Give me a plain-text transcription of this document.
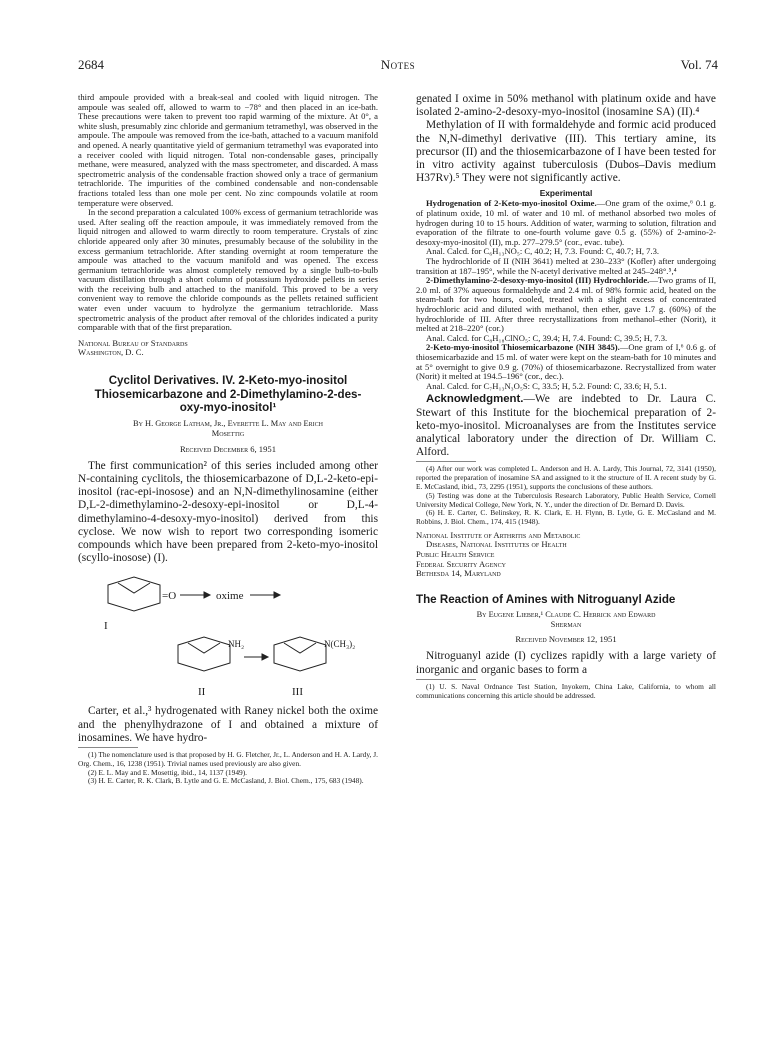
2684	Notes	Vol. 74

third ampoule provided with a break-seal and cooled with liquid nitrogen. The ampoule was sealed off, allowed to warm to −78° and then placed in an ice-bath. These precautions were taken to prevent too rapid warming of the mixture. At 0°, a white slush, presumably zinc chloride and germanium tetramethyl, was observed in the ampoule. The ampoule was removed from the ice-bath, attached to a vacuum manifold and opened. A nearly quantitative yield of germanium tetramethyl was evaporated into a receiver cooled with liquid nitrogen. Total non-condensable gases, principally methane, were measured, analyzed with the mass spectrometer, and discarded. A mass spectrometric analysis of the condensable fraction showed only a trace of germanium tetrachloride. The impurities of the combined condensable and non-condensable fractions totaled less than one mole per cent. No zinc compounds volatile at room temperature were observed.

In the second preparation a calculated 100% excess of germanium tetrachloride was used. After sealing off the reaction ampoule, it was immediately removed from the liquid nitrogen and allowed to warm directly to room temperature. Crystals of zinc chloride appeared only after 30 minutes, presumably because of the solubility in the excess germanium tetrachloride. After standing overnight at room temperature the ampoule was attached to the vacuum manifold and was opened. The excess germanium tetrachloride was almost completely removed by a single bulb-to-bulb vacuum distillation through a short column of potassium hydroxide pellets in series with the receiving bulb and attached to the manifold. This proved to be a very convenient way to remove the chloride compounds as the pellets retained sufficient water even under vacuum to hydrolyze the germanium tetrachloride. Mass spectrometric analysis of the product after removal of the chlorides indicated a purity comparable with that of the first preparation.

National Bureau of Standards

Washington, D. C.

Cyclitol Derivatives. IV. 2-Keto-myo-inositol

Thiosemicarbazone and 2-Dimethylamino-2-des-

oxy-myo-inositol¹

By H. George Latham, Jr., Everette L. May and Erich

Mosettig

Received December 6, 1951

The first communication² of this series included among other N-containing cyclitols, the thiosemicarbazone of D,L-2-keto-epi-inositol (rac-epi-inosose) and an N,N-dimethylinosamine (either D,L-2-dimethylamino-2-desoxy-epi-inositol or D,L-4-dimethylamino-4-desoxy-myo-inositol) derived from this cyclose. We now wish to report two corresponding isomeric compounds which have been prepared from 2-keto-myo-inositol (scyllo-inosose) (I).

=O	oxime
I
NH₂	N(CH₃)₂
II	III

Carter, et al.,³ hydrogenated with Raney nickel both the oxime and the phenylhydrazone of I and obtained a mixture of inosamines. We have hydro-

(1) The nomenclature used is that proposed by H. G. Fletcher, Jr., L. Anderson and H. A. Lardy, J. Org. Chem., 16, 1238 (1951). Trivial names used previously are also given.

(2) E. L. May and E. Mosettig, ibid., 14, 1137 (1949).

(3) H. E. Carter, R. K. Clark, B. Lytle and G. E. McCasland, J. Biol. Chem., 175, 683 (1948).

genated I oxime in 50% methanol with platinum oxide and have isolated 2-amino-2-desoxy-myo-inositol (inosamine SA) (II).⁴

Methylation of II with formaldehyde and formic acid produced the N,N-dimethyl derivative (III). This tertiary amine, its precursor (II) and the thiosemicarbazone of I have been tested for in vitro activity against tuberculosis (Dubos–Davis medium H37Rv).⁵ They were not significantly active.

Experimental

Hydrogenation of 2-Keto-myo-inositol Oxime.—One gram of the oxime,⁶ 0.1 g. of platinum oxide, 10 ml. of water and 10 ml. of methanol absorbed two moles of hydrogen during 10 to 15 hours. Addition of water, warming to solution, filtration and evaporation of the filtrate to one-fourth volume gave 0.5 g. (55%) of 2-amino-2-desoxy-myo-inositol (II), m.p. 277–279.5° (cor., evac. tube).

Anal. Calcd. for C₆H₁₃NO₅: C, 40.2; H, 7.3. Found: C, 40.7; H, 7.3.

The hydrochloride of II (NIH 3641) melted at 230–233° (Kofler) after undergoing transition at 187–195°, while the N-acetyl derivative melted at 245–248°.⁵,⁴

2-Dimethylamino-2-desoxy-myo-inositol (III) Hydrochloride.—Two grams of II, 2.0 ml. of 37% aqueous formaldehyde and 2.4 ml. of 98% formic acid, heated on the steam-bath for two hours, cooled, treated with a slight excess of concentrated hydrochloric acid and diluted with methanol, then ether, gave 1.7 g. (60%) of the hydrochloride of III. After three recrystallizations from methanol–ether (Norit), it melted at 218–220° (cor.)

Anal. Calcd. for C₈H₁₈ClNO₅: C, 39.4; H, 7.4. Found: C, 39.5; H, 7.3.

2-Keto-myo-inositol Thiosemicarbazone (NIH 3845).—One gram of I,⁶ 0.6 g. of thiosemicarbazide and 15 ml. of water were kept on the steam-bath for 10 minutes and at 5° overnight to give 0.9 g. (70%) of thiosemicarbazone. Recrystallized from water (Norit) it melted at 194.5–196° (cor., dec.).

Anal. Calcd. for C₇H₁₃N₃O₅S: C, 33.5; H, 5.2. Found: C, 33.6; H, 5.1.

Acknowledgment.—We are indebted to Dr. Laura C. Stewart of this Institute for the biochemical preparation of 2-keto-myo-inositol. Microanalyses are from the Institutes service analytical laboratory under the direction of Dr. William C. Alford.

(4) After our work was completed L. Anderson and H. A. Lardy, This Journal, 72, 3141 (1950), reported the preparation of inosamine SA and assigned to it the structure of II. A recent study by G. E. McCasland, ibid., 73, 2295 (1951), supports the conclusions of these authors.

(5) Testing was done at the Tuberculosis Research Laboratory, Public Health Service, Cornell University Medical College, New York, N. Y., under the direction of Dr. Bernard D. Davis.

(6) H. E. Carter, C. Belinskey, R. K. Clark, E. H. Flynn, B. Lytle, G. E. McCasland and M. Robbins, J. Biol. Chem., 174, 415 (1948).

National Institute of Arthritis and Metabolic

Diseases, National Institutes of Health

Public Health Service

Federal Security Agency

Bethesda 14, Maryland

The Reaction of Amines with Nitroguanyl Azide

By Eugene Lieber,¹ Claude C. Herrick and Edward

Sherman

Received November 12, 1951

Nitroguanyl azide (I) cyclizes rapidly with a large variety of inorganic and organic bases to form a

(1) U. S. Naval Ordnance Test Station, Inyokern, China Lake, California, to whom all communications concerning this article should be addressed.
